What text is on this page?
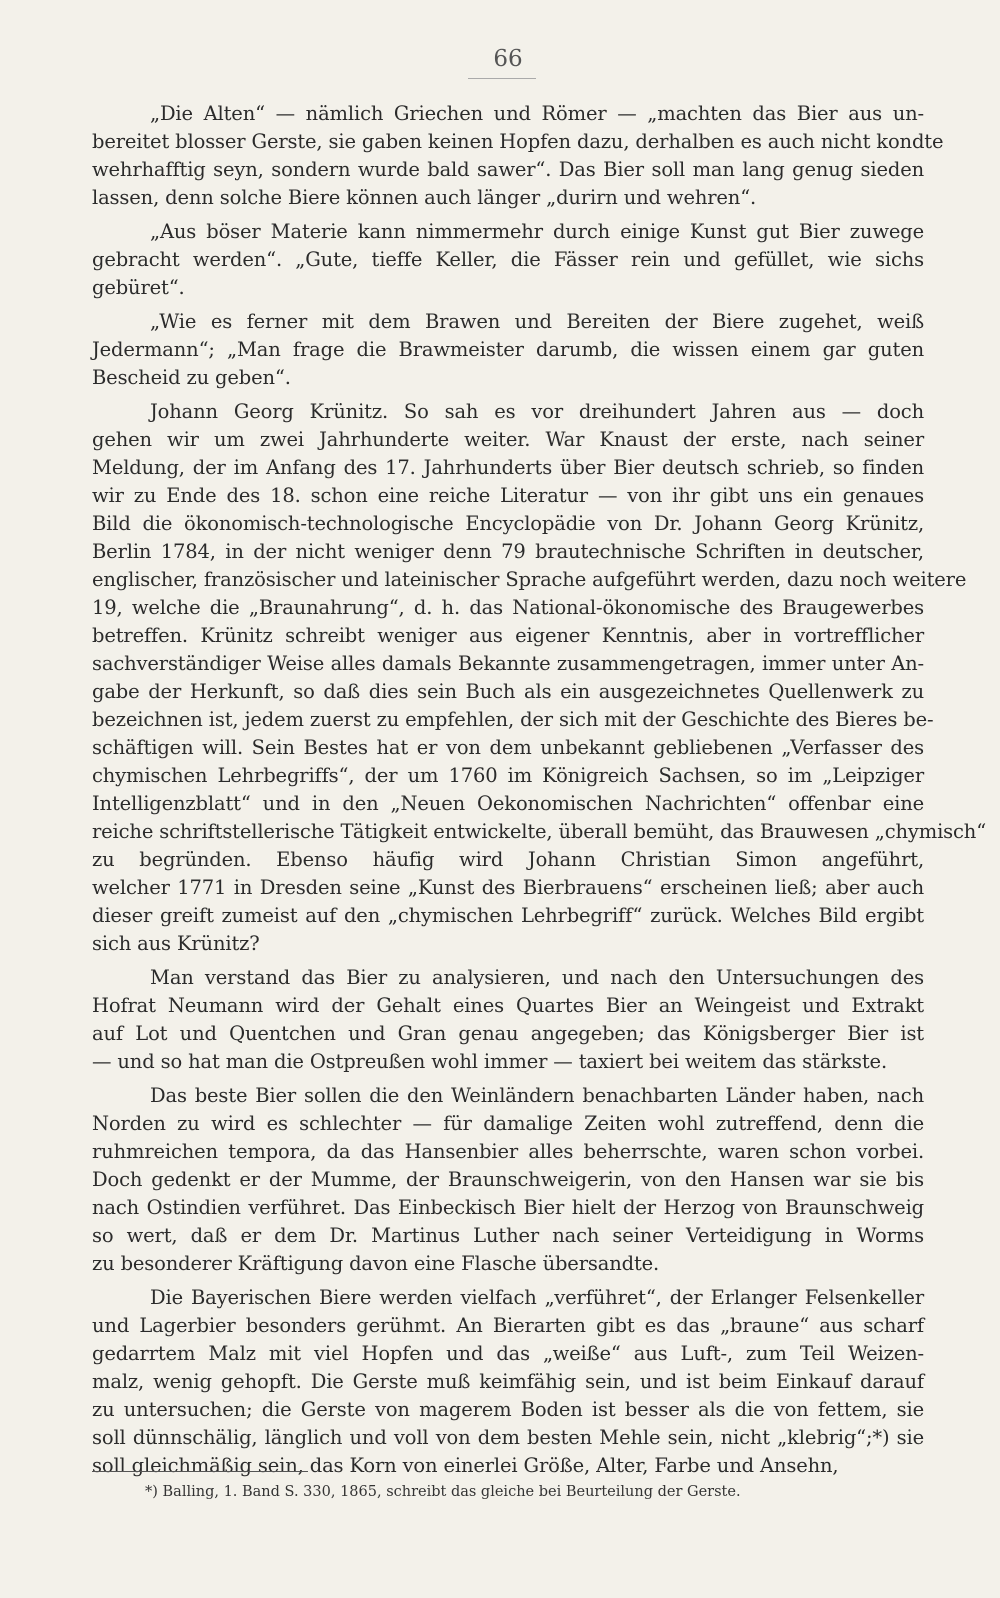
66
„Die Alten“ — nämlich Griechen und Römer — „machten das Bier aus un-
bereitet blosser Gerste, sie gaben keinen Hopfen dazu, derhalben es auch nicht kondte
wehrhafftig seyn, sondern wurde bald sawer“. Das Bier soll man lang genug sieden
lassen, denn solche Biere können auch länger „durirn und wehren“.
„Aus böser Materie kann nimmermehr durch einige Kunst gut Bier zuwege
gebracht werden“. „Gute, tieffe Keller, die Fässer rein und gefüllet, wie sichs
gebüret“.
„Wie es ferner mit dem Brawen und Bereiten der Biere zugehet, weiß
Jedermann“; „Man frage die Brawmeister darumb, die wissen einem gar guten
Bescheid zu geben“.
Johann Georg Krünitz. So sah es vor dreihundert Jahren aus — doch
gehen wir um zwei Jahrhunderte weiter. War Knaust der erste, nach seiner
Meldung, der im Anfang des 17. Jahrhunderts über Bier deutsch schrieb, so finden
wir zu Ende des 18. schon eine reiche Literatur — von ihr gibt uns ein genaues
Bild die ökonomisch-technologische Encyclopädie von Dr. Johann Georg Krünitz,
Berlin 1784, in der nicht weniger denn 79 brautechnische Schriften in deutscher,
englischer, französischer und lateinischer Sprache aufgeführt werden, dazu noch weitere
19, welche die „Braunahrung“, d. h. das National-ökonomische des Braugewerbes
betreffen. Krünitz schreibt weniger aus eigener Kenntnis, aber in vortrefflicher
sachverständiger Weise alles damals Bekannte zusammengetragen, immer unter An-
gabe der Herkunft, so daß dies sein Buch als ein ausgezeichnetes Quellenwerk zu
bezeichnen ist, jedem zuerst zu empfehlen, der sich mit der Geschichte des Bieres be-
schäftigen will. Sein Bestes hat er von dem unbekannt gebliebenen „Verfasser des
chymischen Lehrbegriffs“, der um 1760 im Königreich Sachsen, so im „Leipziger
Intelligenzblatt“ und in den „Neuen Oekonomischen Nachrichten“ offenbar eine
reiche schriftstellerische Tätigkeit entwickelte, überall bemüht, das Brauwesen „chymisch“
zu begründen. Ebenso häufig wird Johann Christian Simon angeführt,
welcher 1771 in Dresden seine „Kunst des Bierbrauens“ erscheinen ließ; aber auch
dieser greift zumeist auf den „chymischen Lehrbegriff“ zurück. Welches Bild ergibt
sich aus Krünitz?
Man verstand das Bier zu analysieren, und nach den Untersuchungen des
Hofrat Neumann wird der Gehalt eines Quartes Bier an Weingeist und Extrakt
auf Lot und Quentchen und Gran genau angegeben; das Königsberger Bier ist
— und so hat man die Ostpreußen wohl immer — taxiert bei weitem das stärkste.
Das beste Bier sollen die den Weinländern benachbarten Länder haben, nach
Norden zu wird es schlechter — für damalige Zeiten wohl zutreffend, denn die
ruhmreichen tempora, da das Hansenbier alles beherrschte, waren schon vorbei.
Doch gedenkt er der Mumme, der Braunschweigerin, von den Hansen war sie bis
nach Ostindien verführet. Das Einbeckisch Bier hielt der Herzog von Braunschweig
so wert, daß er dem Dr. Martinus Luther nach seiner Verteidigung in Worms
zu besonderer Kräftigung davon eine Flasche übersandte.
Die Bayerischen Biere werden vielfach „verführet“, der Erlanger Felsenkeller
und Lagerbier besonders gerühmt. An Bierarten gibt es das „braune“ aus scharf
gedarrtem Malz mit viel Hopfen und das „weiße“ aus Luft-, zum Teil Weizen-
malz, wenig gehopft. Die Gerste muß keimfähig sein, und ist beim Einkauf darauf
zu untersuchen; die Gerste von magerem Boden ist besser als die von fettem, sie
soll dünnschälig, länglich und voll von dem besten Mehle sein, nicht „klebrig“;*) sie
soll gleichmäßig sein, das Korn von einerlei Größe, Alter, Farbe und Ansehn,
*) Balling, 1. Band S. 330, 1865, schreibt das gleiche bei Beurteilung der Gerste.
